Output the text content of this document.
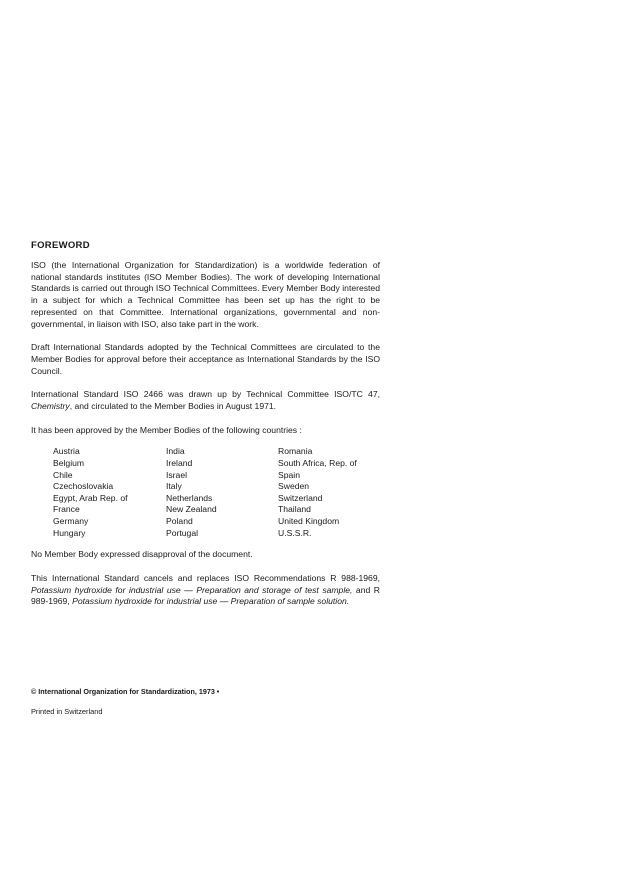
FOREWORD

ISO (the International Organization for Standardization) is a worldwide federation of national standards institutes (ISO Member Bodies). The work of developing International Standards is carried out through ISO Technical Committees. Every Member Body interested in a subject for which a Technical Committee has been set up has the right to be represented on that Committee. International organizations, governmental and non-governmental, in liaison with ISO, also take part in the work.

Draft International Standards adopted by the Technical Committees are circulated to the Member Bodies for approval before their acceptance as International Standards by the ISO Council.

International Standard ISO 2466 was drawn up by Technical Committee ISO/TC 47, Chemistry, and circulated to the Member Bodies in August 1971.

It has been approved by the Member Bodies of the following countries :

Austria
Belgium
Chile
Czechoslovakia
Egypt, Arab Rep. of
France
Germany
Hungary
India
Ireland
Israel
Italy
Netherlands
New Zealand
Poland
Portugal
Romania
South Africa, Rep. of
Spain
Sweden
Switzerland
Thailand
United Kingdom
U.S.S.R.

No Member Body expressed disapproval of the document.

This International Standard cancels and replaces ISO Recommendations R 988-1969, Potassium hydroxide for industrial use — Preparation and storage of test sample, and R 989-1969, Potassium hydroxide for industrial use — Preparation of sample solution.

© International Organization for Standardization, 1973 •
Printed in Switzerland
